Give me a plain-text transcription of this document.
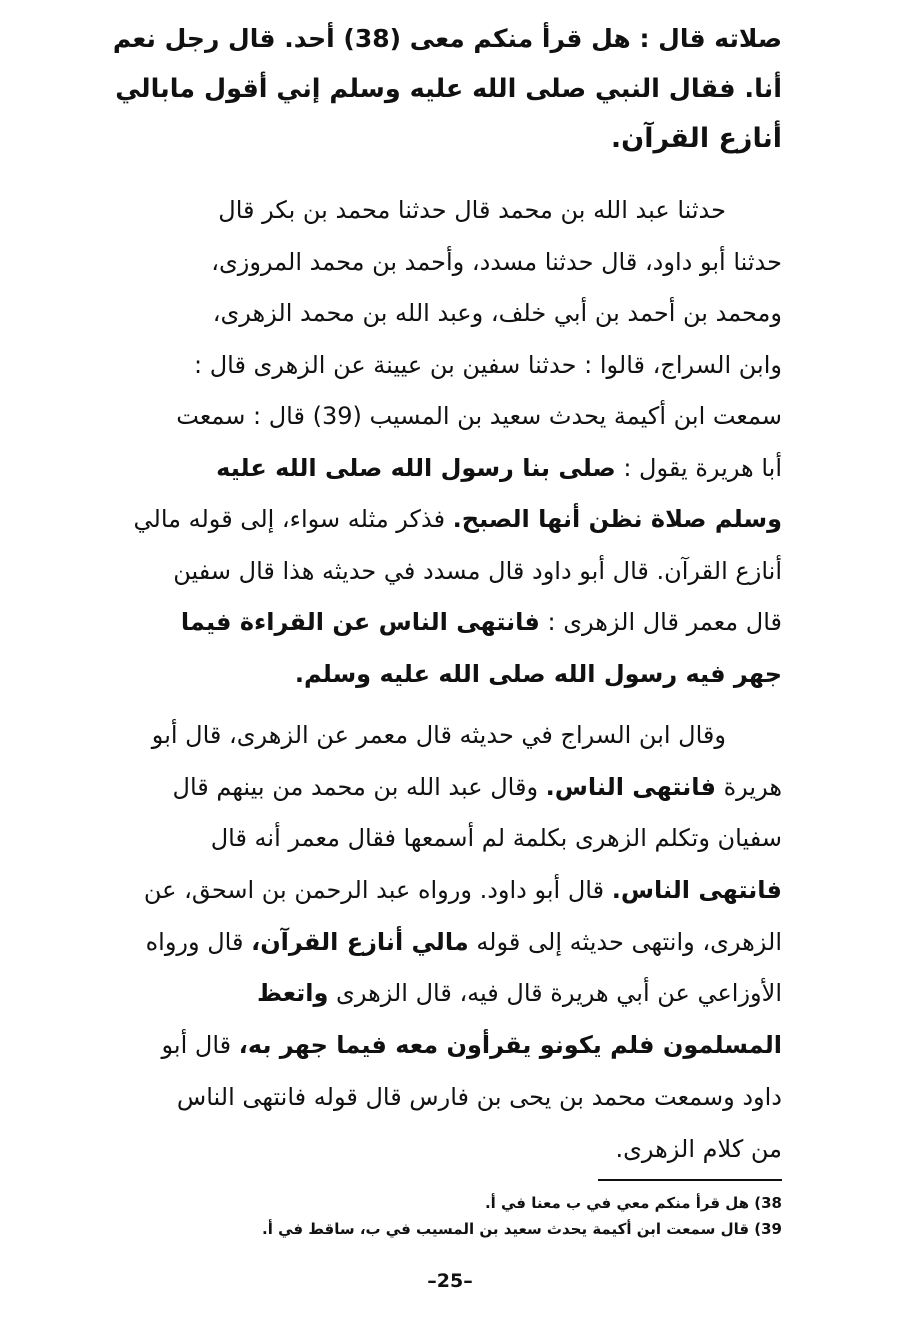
صلاته قال : هل قرأ منكم معى (38) أحد. قال رجل نعم
أنا. فقال النبي صلى الله عليه وسلم إني أقول مابالي
أنازع القرآن.
حدثنا عبد الله بن محمد قال حدثنا محمد بن بكر قال
حدثنا أبو داود، قال حدثنا مسدد، وأحمد بن محمد المروزى،
ومحمد بن أحمد بن أبي خلف، وعبد الله بن محمد الزهرى،
وابن السراج، قالوا : حدثنا سفين بن عيينة عن الزهرى قال :
سمعت ابن أكيمة يحدث سعيد بن المسيب (39) قال : سمعت
أبا هريرة يقول : صلى بنا رسول الله صلى الله عليه
وسلم صلاة نظن أنها الصبح. فذكر مثله سواء، إلى قوله مالي
أنازع القرآن. قال أبو داود قال مسدد في حديثه هذا قال سفين
قال معمر قال الزهرى : فانتهى الناس عن القراءة فيما
جهر فيه رسول الله صلى الله عليه وسلم.
وقال ابن السراج في حديثه قال معمر عن الزهرى، قال أبو
هريرة فانتهى الناس. وقال عبد الله بن محمد من بينهم قال
سفيان وتكلم الزهرى بكلمة لم أسمعها فقال معمر أنه قال
فانتهى الناس. قال أبو داود. ورواه عبد الرحمن بن اسحق، عن
الزهرى، وانتهى حديثه إلى قوله مالي أنازع القرآن، قال ورواه
الأوزاعي عن أبي هريرة قال فيه، قال الزهرى واتعظ
المسلمون فلم يكونو يقرأون معه فيما جهر به، قال أبو
داود وسمعت محمد بن يحى بن فارس قال قوله فانتهى الناس
من كلام الزهرى.
38) هل قرأ منكم معي في ب معنا في أ.
39) قال سمعت ابن أكيمة يحدث سعيد بن المسيب في ب، ساقط في أ.
–25–
